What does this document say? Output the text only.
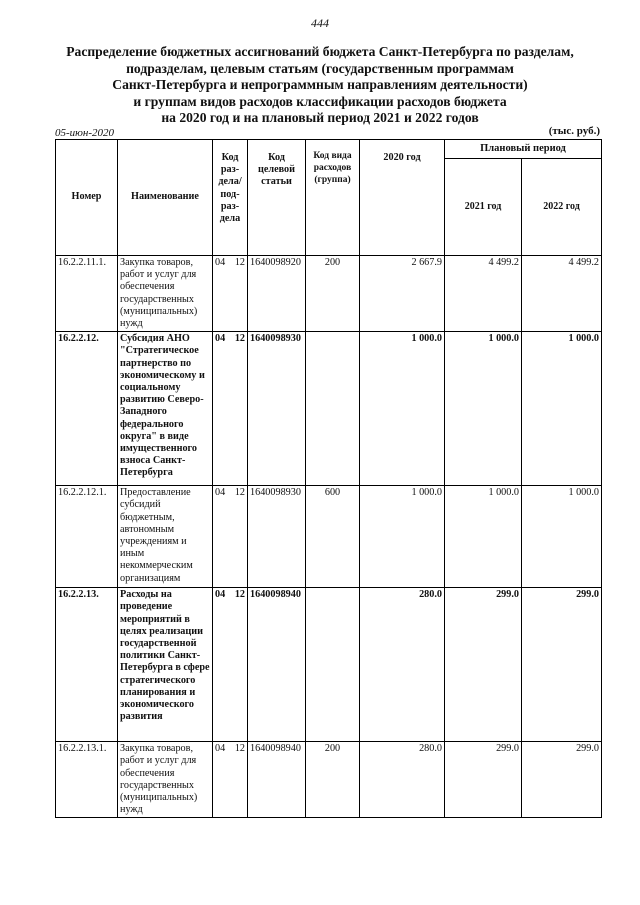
444
Распределение бюджетных ассигнований бюджета Санкт-Петербурга по разделам,
подразделам, целевым статьям (государственным программам
Санкт-Петербурга и непрограммным направлениям деятельности)
и группам видов расходов классификации расходов бюджета
на 2020 год и на плановый период 2021 и 2022 годов
05-июн-2020	(тыс. руб.)
Номер	Наименование	Код раз-дела/ под-раз-дела		Код целевой статьи	Код вида расходов (группа)	2020 год	Плановый период	
							2021 год	2022 год
16.2.2.11.1.	Закупка товаров, работ и услуг для обеспечения государственных (муниципальных) нужд	04	12	1640098920	200	2 667.9	4 499.2	4 499.2
16.2.2.12.	Субсидия АНО "Стратегическое партнерство по экономическому и социальному развитию Северо-Западного федерального округа" в виде имущественного взноса Санкт-Петербурга	04	12	1640098930		1 000.0	1 000.0	1 000.0
16.2.2.12.1.	Предоставление субсидий бюджетным, автономным учреждениям и иным некоммерческим организациям	04	12	1640098930	600	1 000.0	1 000.0	1 000.0
16.2.2.13.	Расходы на проведение мероприятий в целях реализации государственной политики Санкт-Петербурга в сфере стратегического планирования и экономического развития	04	12	1640098940		280.0	299.0	299.0
16.2.2.13.1.	Закупка товаров, работ и услуг для обеспечения государственных (муниципальных) нужд	04	12	1640098940	200	280.0	299.0	299.0
